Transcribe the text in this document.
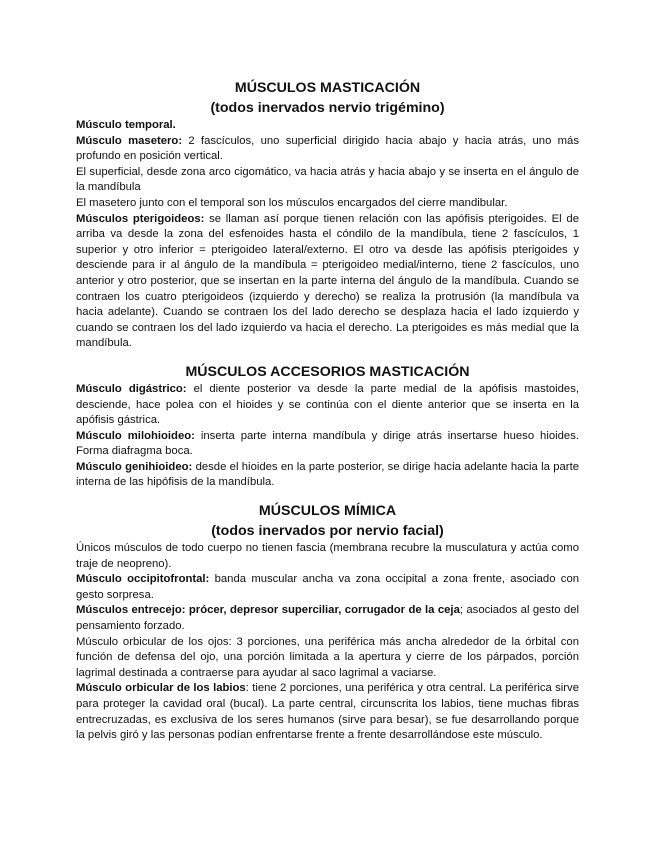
MÚSCULOS MASTICACIÓN
(todos inervados nervio trigémino)

Músculo temporal.

Músculo masetero: 2 fascículos, uno superficial dirigido hacia abajo y hacia atrás, uno más profundo en posición vertical.

El superficial, desde zona arco cigomático, va hacia atrás y hacia abajo y se inserta en el ángulo de la mandíbula

El masetero junto con el temporal son los músculos encargados del cierre mandibular.

Músculos pterigoideos: se llaman así porque tienen relación con las apófisis pterigoides. El de arriba va desde la zona del esfenoides hasta el cóndilo de la mandíbula, tiene 2 fascículos, 1 superior y otro inferior = pterigoideo lateral/externo. El otro va desde las apófisis pterigoides y desciende para ir al ángulo de la mandíbula = pterigoideo medial/interno, tiene 2 fascículos, uno anterior y otro posterior, que se insertan en la parte interna del ángulo de la mandíbula. Cuando se contraen los cuatro pterigoideos (izquierdo y derecho) se realiza la protrusión (la mandíbula va hacia adelante). Cuando se contraen los del lado derecho se desplaza hacia el lado izquierdo y cuando se contraen los del lado izquierdo va hacia el derecho. La pterigoides es más medial que la mandíbula.

MÚSCULOS ACCESORIOS MASTICACIÓN

Músculo digástrico: el diente posterior va desde la parte medial de la apófisis mastoides, desciende, hace polea con el hioides y se continúa con el diente anterior que se inserta en la apófisis gástrica.

Músculo milohioideo: inserta parte interna mandíbula y dirige atrás insertarse hueso hioides. Forma diafragma boca.

Músculo genihioideo: desde el hioides en la parte posterior, se dirige hacia adelante hacia la parte interna de las hipófisis de la mandíbula.

MÚSCULOS MÍMICA
(todos inervados por nervio facial)

Únicos músculos de todo cuerpo no tienen fascia (membrana recubre la musculatura y actúa como traje de neopreno).

Músculo occipitofrontal: banda muscular ancha va zona occipital a zona frente, asociado con gesto sorpresa.

Músculos entrecejo: prócer, depresor superciliar, corrugador de la ceja; asociados al gesto del pensamiento forzado.

Músculo orbicular de los ojos: 3 porciones, una periférica más ancha alrededor de la órbital con función de defensa del ojo, una porción limitada a la apertura y cierre de los párpados, porción lagrimal destinada a contraerse para ayudar al saco lagrimal a vaciarse.

Músculo orbicular de los labios: tiene 2 porciones, una periférica y otra central. La periférica sirve para proteger la cavidad oral (bucal). La parte central, circunscrita los labios, tiene muchas fibras entrecruzadas, es exclusiva de los seres humanos (sirve para besar), se fue desarrollando porque la pelvis giró y las personas podían enfrentarse frente a frente desarrollándose este músculo.
